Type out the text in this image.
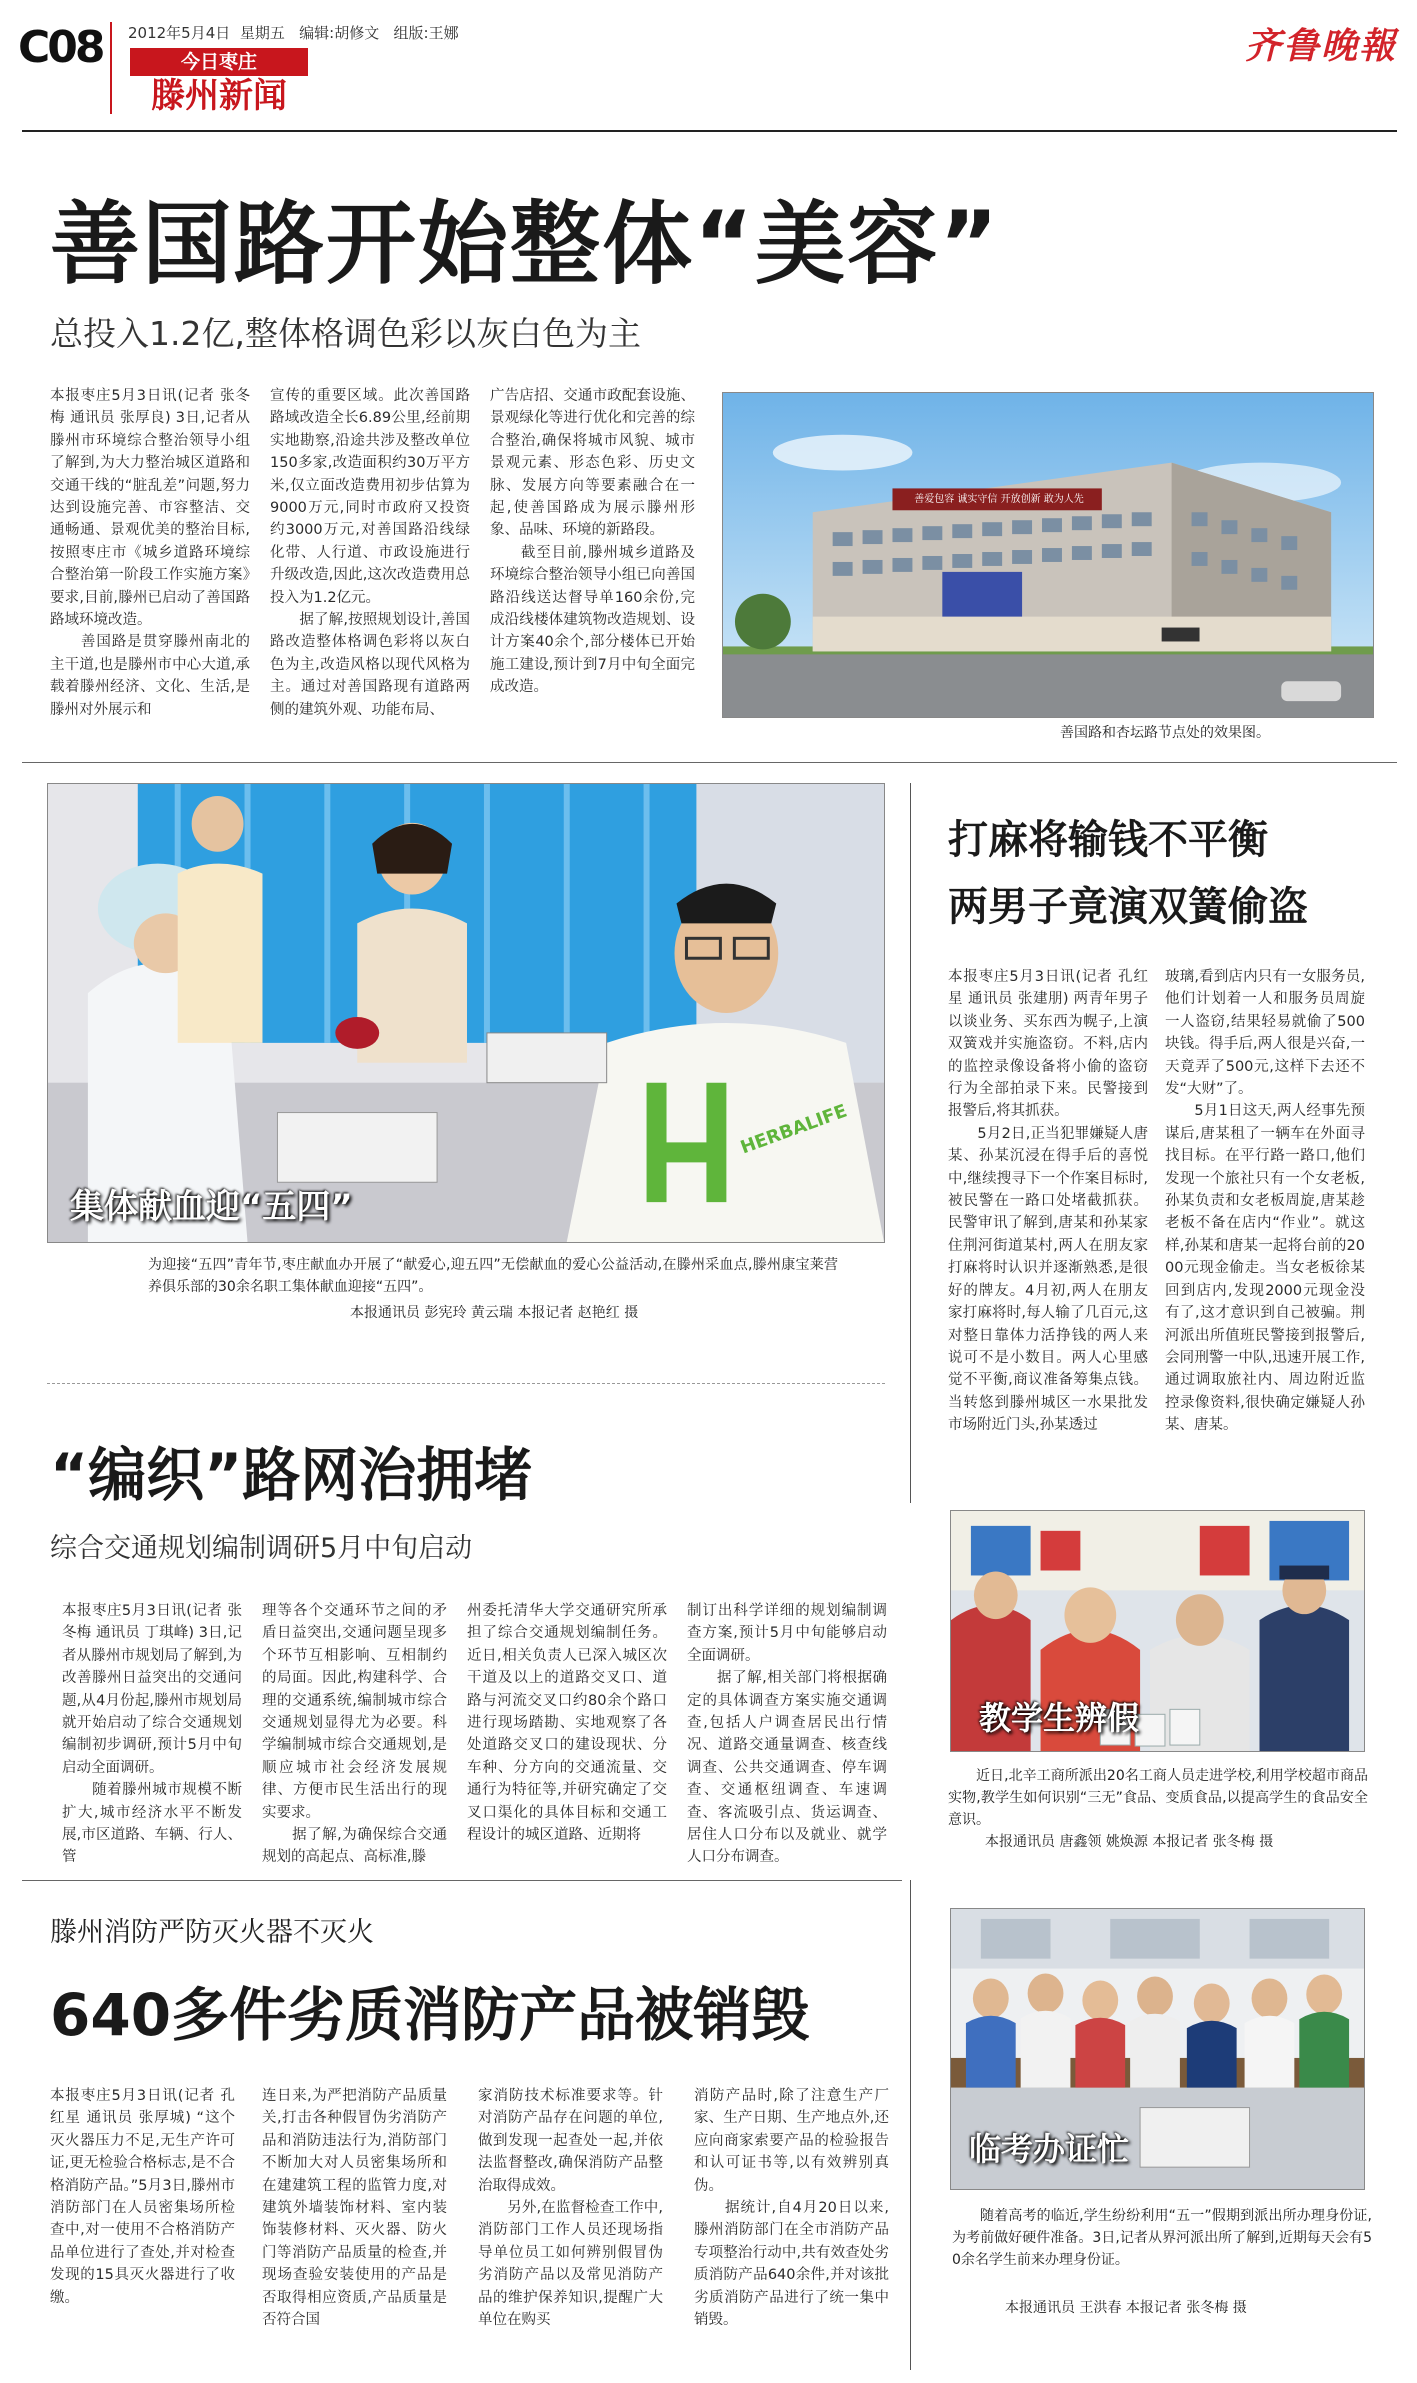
C08 2012年5月4日 星期五 编辑:胡修文 组版:王娜
今日枣庄
滕州新闻
齐鲁晚報
善国路开始整体“美容”
总投入1.2亿,整体格调色彩以灰白色为主
本报枣庄5月3日讯(记者 张冬梅 通讯员 张厚良) 3日,记者从滕州市环境综合整治领导小组了解到,为大力整治城区道路和交通干线的“脏乱差”问题,努力达到设施完善、市容整洁、交通畅通、景观优美的整治目标,按照枣庄市《城乡道路环境综合整治第一阶段工作实施方案》要求,目前,滕州已启动了善国路路域环境改造。
　　善国路是贯穿滕州南北的主干道,也是滕州市中心大道,承载着滕州经济、文化、生活,是滕州对外展示和
宣传的重要区域。此次善国路路域改造全长6.89公里,经前期实地勘察,沿途共涉及整改单位150多家,改造面积约30万平方米,仅立面改造费用初步估算为9000万元,同时市政府又投资约3000万元,对善国路沿线绿化带、人行道、市政设施进行升级改造,因此,这次改造费用总投入为1.2亿元。
　　据了解,按照规划设计,善国路改造整体格调色彩将以灰白色为主,改造风格以现代风格为主。通过对善国路现有道路两侧的建筑外观、功能布局、
广告店招、交通市政配套设施、景观绿化等进行优化和完善的综合整治,确保将城市风貌、城市景观元素、形态色彩、历史文脉、发展方向等要素融合在一起,使善国路成为展示滕州形象、品味、环境的新路段。
　　截至目前,滕州城乡道路及环境综合整治领导小组已向善国路沿线送达督导单160余份,完成沿线楼体建筑物改造规划、设计方案40余个,部分楼体已开始施工建设,预计到7月中旬全面完成改造。
善爱包容 诚实守信 开放创新 敢为人先
善国路和杏坛路节点处的效果图。
HERBALIFE
集体献血迎“五四”
为迎接“五四”青年节,枣庄献血办开展了“献爱心,迎五四”无偿献血的爱心公益活动,在滕州采血点,滕州康宝莱营养俱乐部的30余名职工集体献血迎接“五四”。
本报通讯员 彭宪玲 黄云瑞 本报记者 赵艳红 摄
打麻将输钱不平衡
两男子竟演双簧偷盗
本报枣庄5月3日讯(记者 孔红星 通讯员 张建朋) 两青年男子以谈业务、买东西为幌子,上演双簧戏并实施盗窃。不料,店内的监控录像设备将小偷的盗窃行为全部拍录下来。民警接到报警后,将其抓获。
　　5月2日,正当犯罪嫌疑人唐某、孙某沉浸在得手后的喜悦中,继续搜寻下一个作案目标时,被民警在一路口处堵截抓获。民警审讯了解到,唐某和孙某家住荆河街道某村,两人在朋友家打麻将时认识并逐渐熟悉,是很好的牌友。4月初,两人在朋友家打麻将时,每人输了几百元,这对整日靠体力活挣钱的两人来说可不是小数目。两人心里感觉不平衡,商议准备筹集点钱。当转悠到滕州城区一水果批发市场附近门头,孙某透过
玻璃,看到店内只有一女服务员,他们计划着一人和服务员周旋一人盗窃,结果轻易就偷了500块钱。得手后,两人很是兴奋,一天竟弄了500元,这样下去还不发“大财”了。
　　5月1日这天,两人经事先预谋后,唐某租了一辆车在外面寻找目标。在平行路一路口,他们发现一个旅社只有一个女老板,孙某负责和女老板周旋,唐某趁老板不备在店内“作业”。就这样,孙某和唐某一起将台前的2000元现金偷走。当女老板徐某回到店内,发现2000元现金没有了,这才意识到自己被骗。荆河派出所值班民警接到报警后,会同刑警一中队,迅速开展工作,通过调取旅社内、周边附近监控录像资料,很快确定嫌疑人孙某、唐某。
“编织”路网治拥堵
综合交通规划编制调研5月中旬启动
本报枣庄5月3日讯(记者 张冬梅 通讯员 丁琪峰) 3日,记者从滕州市规划局了解到,为改善滕州日益突出的交通问题,从4月份起,滕州市规划局就开始启动了综合交通规划编制初步调研,预计5月中旬启动全面调研。
　　随着滕州城市规模不断扩大,城市经济水平不断发展,市区道路、车辆、行人、管
理等各个交通环节之间的矛盾日益突出,交通问题呈现多个环节互相影响、互相制约的局面。因此,构建科学、合理的交通系统,编制城市综合交通规划显得尤为必要。科学编制城市综合交通规划,是顺应城市社会经济发展规律、方便市民生活出行的现实要求。
　　据了解,为确保综合交通规划的高起点、高标准,滕
州委托清华大学交通研究所承担了综合交通规划编制任务。近日,相关负责人已深入城区次干道及以上的道路交叉口、道路与河流交叉口约80余个路口进行现场踏勘、实地观察了各处道路交叉口的建设现状、分车种、分方向的交通流量、交通行为特征等,并研究确定了交叉口渠化的具体目标和交通工程设计的城区道路、近期将
制订出科学详细的规划编制调查方案,预计5月中旬能够启动全面调研。
　　据了解,相关部门将根据确定的具体调查方案实施交通调查,包括人户调查居民出行情况、道路交通量调查、核查线调查、公共交通调查、停车调查、交通枢纽调查、车速调查、客流吸引点、货运调查、居住人口分布以及就业、就学人口分布调查。
教学生辨假
近日,北辛工商所派出20名工商人员走进学校,利用学校超市商品实物,教学生如何识别“三无”食品、变质食品,以提高学生的食品安全意识。
本报通讯员 唐鑫领 姚焕源 本报记者 张冬梅 摄
滕州消防严防灭火器不灭火
640多件劣质消防产品被销毁
本报枣庄5月3日讯(记者 孔红星 通讯员 张厚城) “这个灭火器压力不足,无生产许可证,更无检验合格标志,是不合格消防产品。”5月3日,滕州市消防部门在人员密集场所检查中,对一使用不合格消防产品单位进行了查处,并对检查发现的15具灭火器进行了收缴。
连日来,为严把消防产品质量关,打击各种假冒伪劣消防产品和消防违法行为,消防部门不断加大对人员密集场所和在建建筑工程的监管力度,对建筑外墙装饰材料、室内装饰装修材料、灭火器、防火门等消防产品质量的检查,并现场查验安装使用的产品是否取得相应资质,产品质量是否符合国
家消防技术标准要求等。针对消防产品存在问题的单位,做到发现一起查处一起,并依法监督整改,确保消防产品整治取得成效。
　　另外,在监督检查工作中,消防部门工作人员还现场指导单位员工如何辨别假冒伪劣消防产品以及常见消防产品的维护保养知识,提醒广大单位在购买
消防产品时,除了注意生产厂家、生产日期、生产地点外,还应向商家索要产品的检验报告和认可证书等,以有效辨别真伪。
　　据统计,自4月20日以来,滕州消防部门在全市消防产品专项整治行动中,共有效查处劣质消防产品640余件,并对该批劣质消防产品进行了统一集中销毁。
临考办证忙
随着高考的临近,学生纷纷利用“五一”假期到派出所办理身份证,为考前做好硬件准备。3日,记者从界河派出所了解到,近期每天会有50余名学生前来办理身份证。
本报通讯员 王洪春 本报记者 张冬梅 摄
